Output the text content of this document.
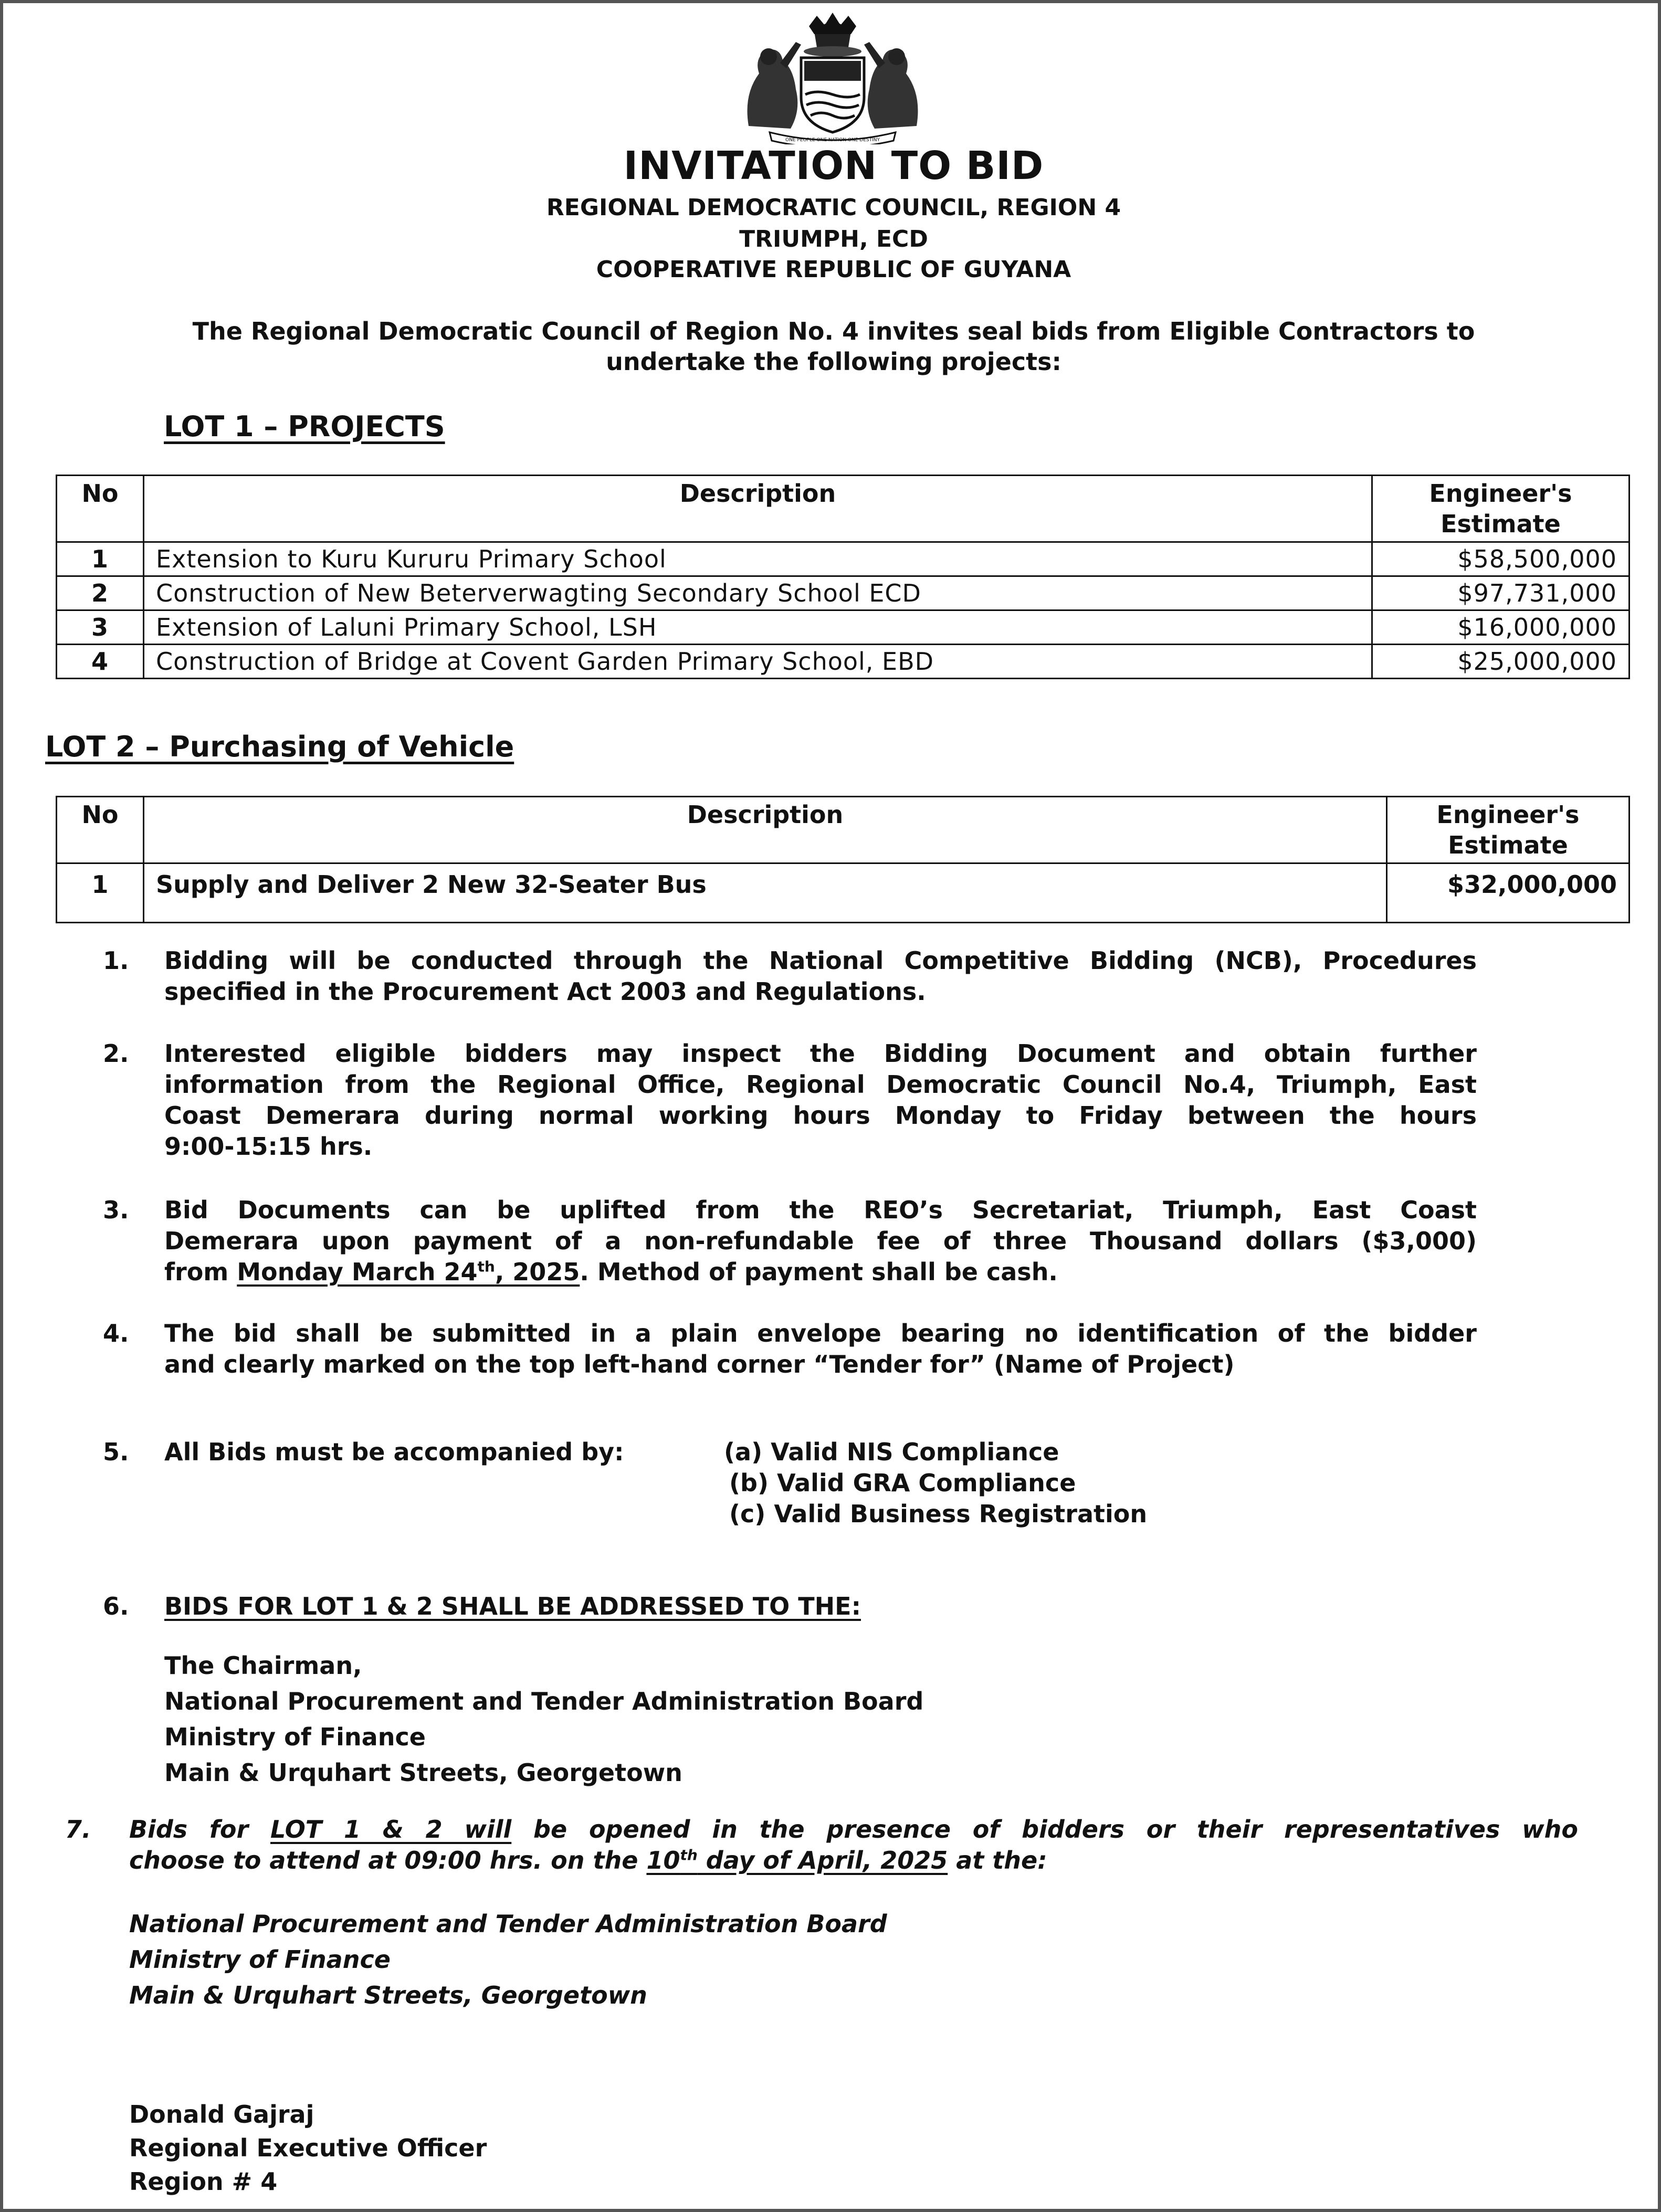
ONE PEOPLE ONE NATION ONE DESTINY
INVITATION TO BID
REGIONAL DEMOCRATIC COUNCIL, REGION 4
TRIUMPH, ECD
COOPERATIVE REPUBLIC OF GUYANA
The Regional Democratic Council of Region No. 4 invites seal bids from Eligible Contractors to
undertake the following projects:
LOT 1 – PROJECTS
No	Description	Engineer's
Estimate

1	Extension to Kuru Kururu Primary School	$58,500,000
2	Construction of New Beterverwagting Secondary School ECD	$97,731,000
3	Extension of Laluni Primary School, LSH	$16,000,000
4	Construction of Bridge at Covent Garden Primary School, EBD	$25,000,000
LOT 2 – Purchasing of Vehicle
No	Description	Engineer's
Estimate

1	Supply and Deliver 2 New 32-Seater Bus	$32,000,000
1.	Bidding will be conducted through the National Competitive Bidding (NCB), Procedures
specified in the Procurement Act 2003 and Regulations.
2.	Interested eligible bidders may inspect the Bidding Document and obtain further
information from the Regional Office, Regional Democratic Council No.4, Triumph, East
Coast Demerara during normal working hours Monday to Friday between the hours
9:00-15:15 hrs.
3.	Bid Documents can be uplifted from the REO’s Secretariat, Triumph, East Coast
Demerara upon payment of a non-refundable fee of three Thousand dollars ($3,000)
from Monday March 24th, 2025. Method of payment shall be cash.
4.	The bid shall be submitted in a plain envelope bearing no identification of the bidder
and clearly marked on the top left-hand corner “Tender for” (Name of Project)
5.	All Bids must be accompanied by:	(a) Valid NIS Compliance
(b) Valid GRA Compliance
(c) Valid Business Registration
6.	BIDS FOR LOT 1 & 2 SHALL BE ADDRESSED TO THE:
The Chairman,
National Procurement and Tender Administration Board
Ministry of Finance
Main & Urquhart Streets, Georgetown
7.	Bids for LOT 1 & 2 will be opened in the presence of bidders or their representatives who
choose to attend at 09:00 hrs. on the 10th day of April, 2025 at the:
National Procurement and Tender Administration Board
Ministry of Finance
Main & Urquhart Streets, Georgetown
Donald Gajraj
Regional Executive Officer
Region # 4
